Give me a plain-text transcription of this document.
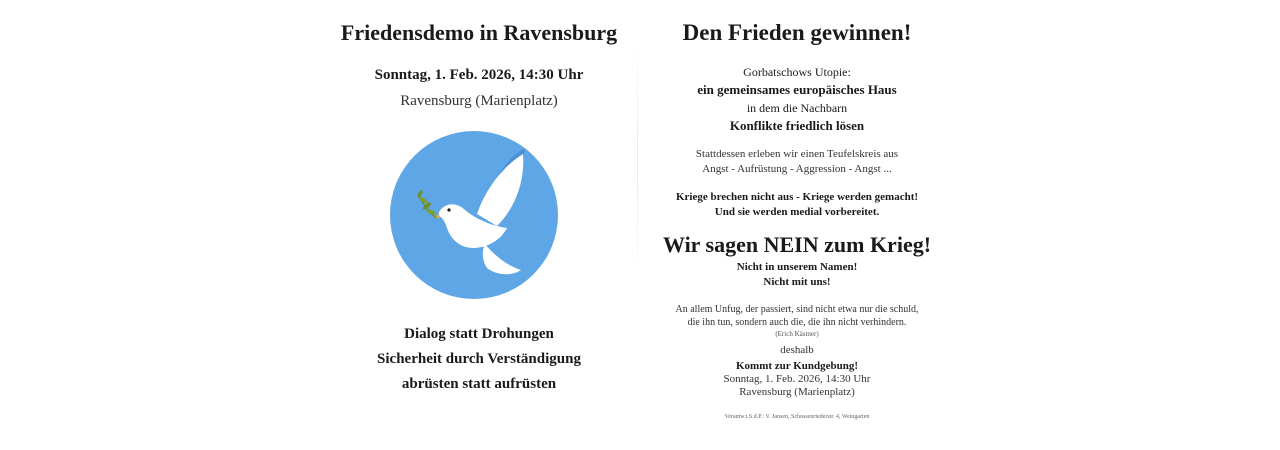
Friedensdemo in Ravensburg
Sonntag, 1. Feb. 2026, 14:30 Uhr
Ravensburg (Marienplatz)
Dialog statt Drohungen
Sicherheit durch Verständigung
abrüsten statt aufrüsten
Den Frieden gewinnen!
Gorbatschows Utopie:
ein gemeinsames europäisches Haus
in dem die Nachbarn
Konflikte friedlich lösen
Stattdessen erleben wir einen Teufelskreis aus
Angst - Aufrüstung - Aggression - Angst ...
Kriege brechen nicht aus - Kriege werden gemacht!
Und sie werden medial vorbereitet.
Wir sagen NEIN zum Krieg!
Nicht in unserem Namen!
Nicht mit uns!
An allem Unfug, der passiert, sind nicht etwa nur die schuld,
die ihn tun, sondern auch die, die ihn nicht verhindern.
(Erich Kästner)
deshalb
Kommt zur Kundgebung!
Sonntag, 1. Feb. 2026, 14:30 Uhr
Ravensburg (Marienplatz)
Verantw.i.S.d.P.: V. Jansen, Schussenriederstr. 4, Weingarten
